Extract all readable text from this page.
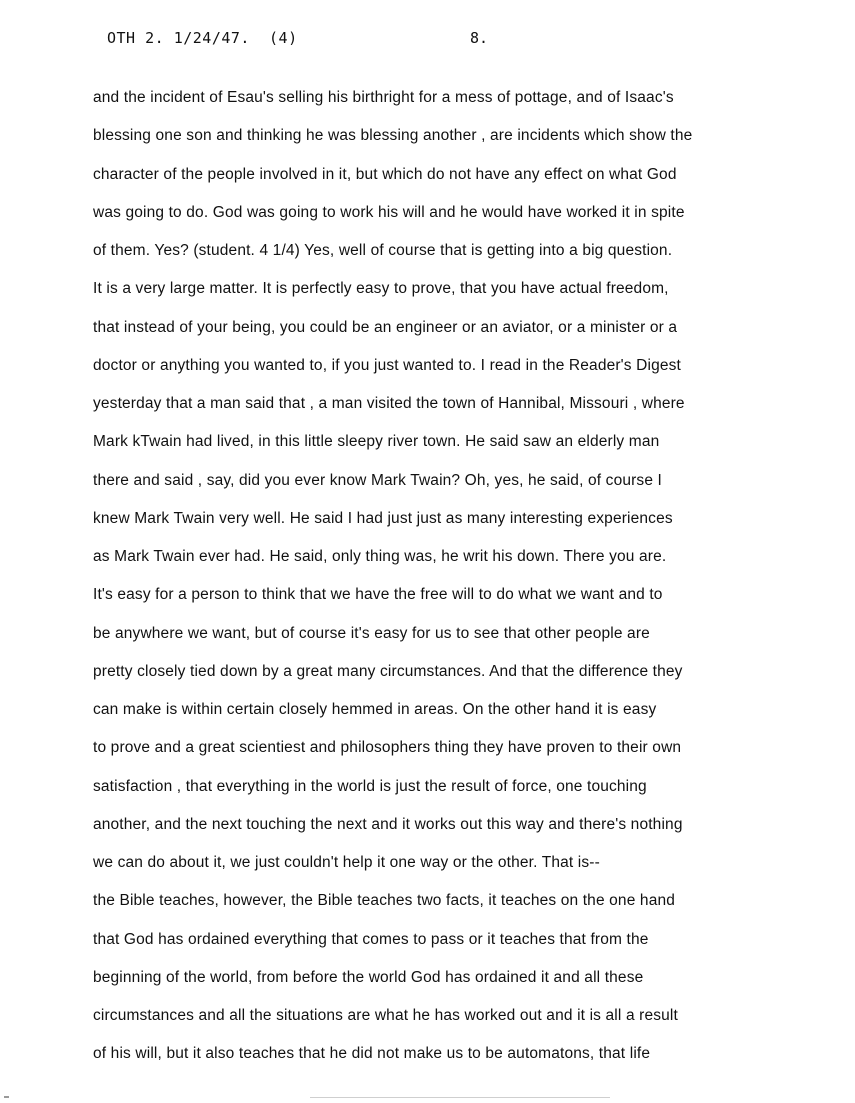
OTH 2. 1/24/47.  (4)	8.
and the incident of Esau's selling his birthright for a mess of pottage, and of Isaac's
blessing one son and thinking he was blessing another , are incidents which show the
character of the people involved in it, but which do not have any effect on what God
was going to do. God was going to work his will and he would have worked it in spite
of them. Yes? (student. 4 1/4) Yes, well of course that is getting into a big question.
It is a very large matter. It is perfectly easy to prove, that you have actual freedom,
that instead of your being, you could be an engineer or an aviator, or a minister or a
doctor or anything you wanted to, if you just wanted to. I read in the Reader's Digest
yesterday that a man said that , a man visited the town of Hannibal, Missouri , where
Mark kTwain had lived, in this little sleepy river town. He said saw an elderly man
there and said , say, did you ever know Mark Twain? Oh, yes, he said, of course I
knew Mark Twain very well. He said I had just just as many interesting experiences
as Mark Twain ever had. He said, only thing was, he writ his down. There you are.
It's easy for a person to think that we have the free will to do what we want and to
be anywhere we want, but of course it's easy for us to see that other people are
pretty closely tied down by a great many circumstances. And that the difference they
can make is within certain closely hemmed in areas. On the other hand it is easy
to prove and a great scientiest and philosophers thing they have proven to their own
satisfaction , that everything in the world is just the result of force, one touching
another, and the next touching the next and it works out this way and there's nothing
we can do about it, we just couldn't help it one way or the other. That is--
the Bible teaches, however, the Bible teaches two facts, it teaches on the one hand
that God has ordained everything that comes to pass or it teaches that from the
beginning of the world, from before the world God has ordained it and all these
circumstances and all the situations are what he has worked out and it is all a result
of his will, but it also teaches that he did not make us to be automatons, that life
